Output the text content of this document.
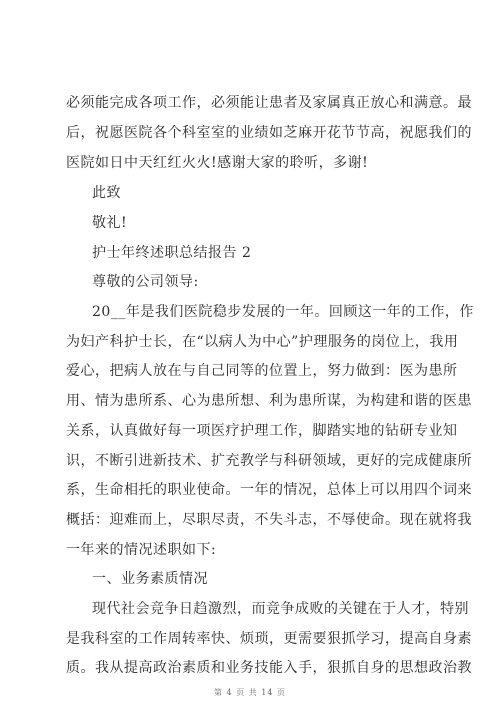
必须能完成各项工作，必须能让患者及家属真正放心和满意。最
后，祝愿医院各个科室室的业绩如芝麻开花节节高，祝愿我们的
医院如日中天红红火火!感谢大家的聆听，多谢!
此致
敬礼!
护士年终述职总结报告 2
尊敬的公司领导:
20__年是我们医院稳步发展的一年。回顾这一年的工作，作
为妇产科护士长，在“以病人为中心”护理服务的岗位上，我用
爱心，把病人放在与自己同等的位置上，努力做到：医为患所
用、情为患所系、心为患所想、利为患所谋，为构建和谐的医患
关系，认真做好每一项医疗护理工作，脚踏实地的钻研专业知
识，不断引进新技术、扩充教学与科研领域，更好的完成健康所
系，生命相托的职业使命。一年的情况，总体上可以用四个词来
概括：迎难而上，尽职尽责，不失斗志，不辱使命。现在就将我
一年来的情况述职如下:
一、业务素质情况
现代社会竞争日趋激烈，而竞争成败的关键在于人才，特别
是我科室的工作周转率快、烦琐，更需要狠抓学习，提高自身素
质。我从提高政治素质和业务技能入手，狠抓自身的思想政治教
第 4 页 共 14 页
